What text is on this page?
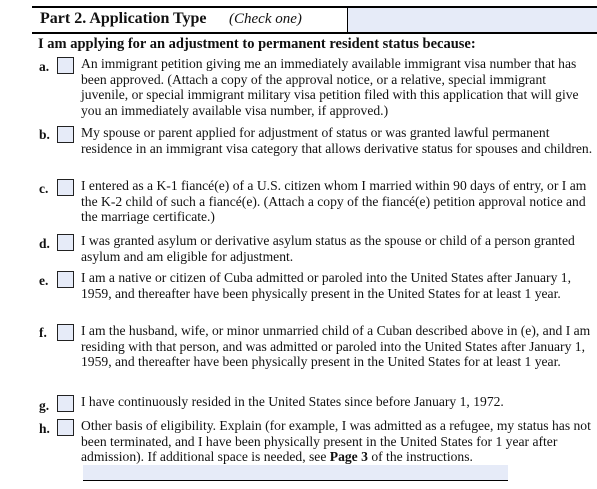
Part 2. Application Type (Check one)
I am applying for an adjustment to permanent resident status because:
a. An immigrant petition giving me an immediately available immigrant visa number that has been approved. (Attach a copy of the approval notice, or a relative, special immigrant juvenile, or special immigrant military visa petition filed with this application that will give you an immediately available visa number, if approved.)
b. My spouse or parent applied for adjustment of status or was granted lawful permanent residence in an immigrant visa category that allows derivative status for spouses and children.
c. I entered as a K-1 fiancé(e) of a U.S. citizen whom I married within 90 days of entry, or I am the K-2 child of such a fiancé(e). (Attach a copy of the fiancé(e) petition approval notice and the marriage certificate.)
d. I was granted asylum or derivative asylum status as the spouse or child of a person granted asylum and am eligible for adjustment.
e. I am a native or citizen of Cuba admitted or paroled into the United States after January 1, 1959, and thereafter have been physically present in the United States for at least 1 year.
f.	I am the husband, wife, or minor unmarried child of a Cuban described above in (e), and I am residing with that person, and was admitted or paroled into the United States after January 1, 1959, and thereafter have been physically present in the United States for at least 1 year.
g. I have continuously resided in the United States since before January 1, 1972.
h. Other basis of eligibility. Explain (for example, I was admitted as a refugee, my status has not been terminated, and I have been physically present in the United States for 1 year after admission). If additional space is needed, see Page 3 of the instructions.
